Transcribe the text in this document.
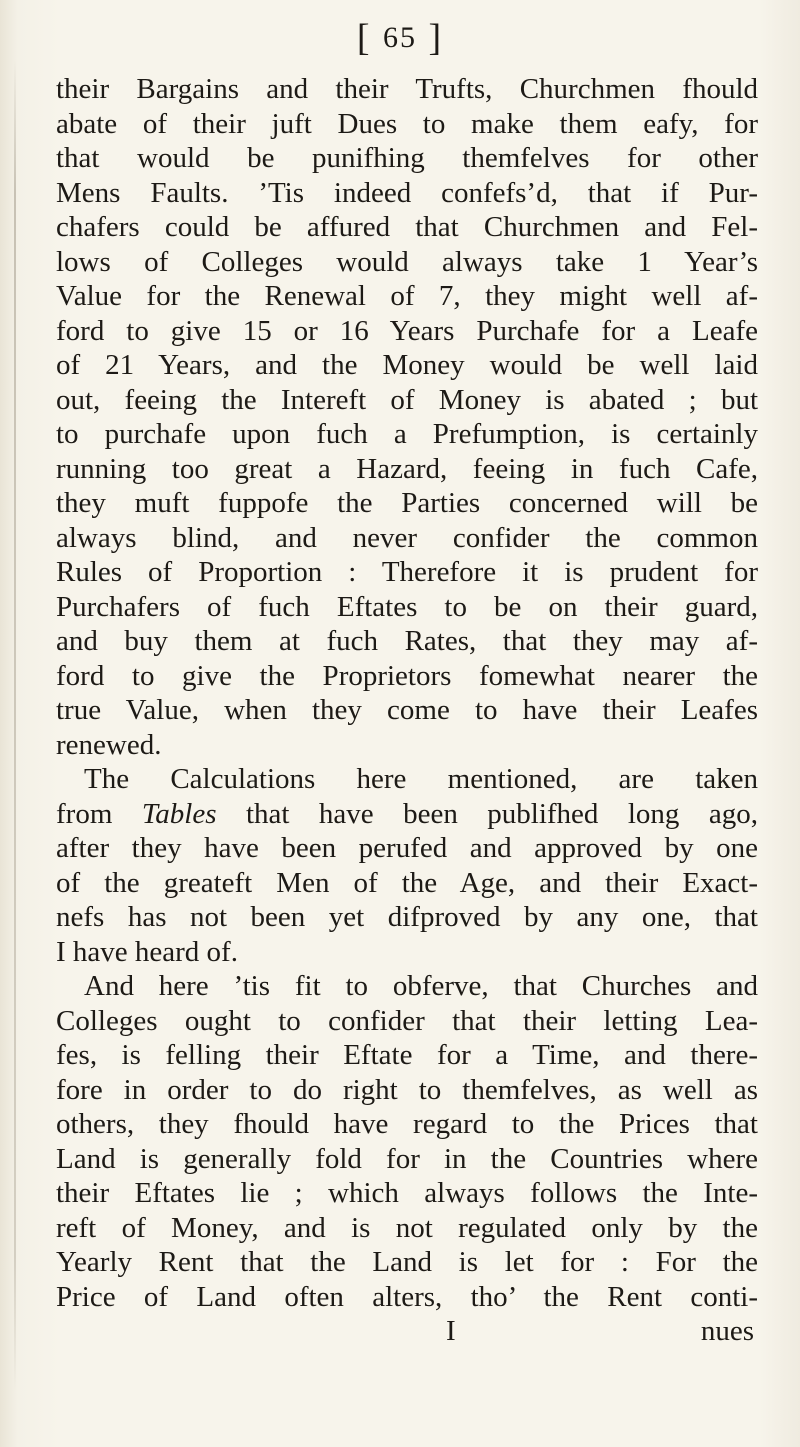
[ 65 ]
their Bargains and their Trufts, Churchmen fhould
abate of their juft Dues to make them eafy, for
that would be punifhing themfelves for other
Mens Faults. ’Tis indeed confefs’d, that if Pur-
chafers could be affured that Churchmen and Fel-
lows of Colleges would always take 1 Year’s
Value for the Renewal of 7, they might well af-
ford to give 15 or 16 Years Purchafe for a Leafe
of 21 Years, and the Money would be well laid
out, feeing the Intereft of Money is abated ; but
to purchafe upon fuch a Prefumption, is certainly
running too great a Hazard, feeing in fuch Cafe,
they muft fuppofe the Parties concerned will be
always blind, and never confider the common
Rules of Proportion : Therefore it is prudent for
Purchafers of fuch Eftates to be on their guard,
and buy them at fuch Rates, that they may af-
ford to give the Proprietors fomewhat nearer the
true Value, when they come to have their Leafes
renewed.
The Calculations here mentioned, are taken
from Tables that have been publifhed long ago,
after they have been perufed and approved by one
of the greateft Men of the Age, and their Exact-
nefs has not been yet difproved by any one, that
I have heard of.
And here ’tis fit to obferve, that Churches and
Colleges ought to confider that their letting Lea-
fes, is felling their Eftate for a Time, and there-
fore in order to do right to themfelves, as well as
others, they fhould have regard to the Prices that
Land is generally fold for in the Countries where
their Eftates lie ; which always follows the Inte-
reft of Money, and is not regulated only by the
Yearly Rent that the Land is let for : For the
Price of Land often alters, tho’ the Rent conti-
I	nues
